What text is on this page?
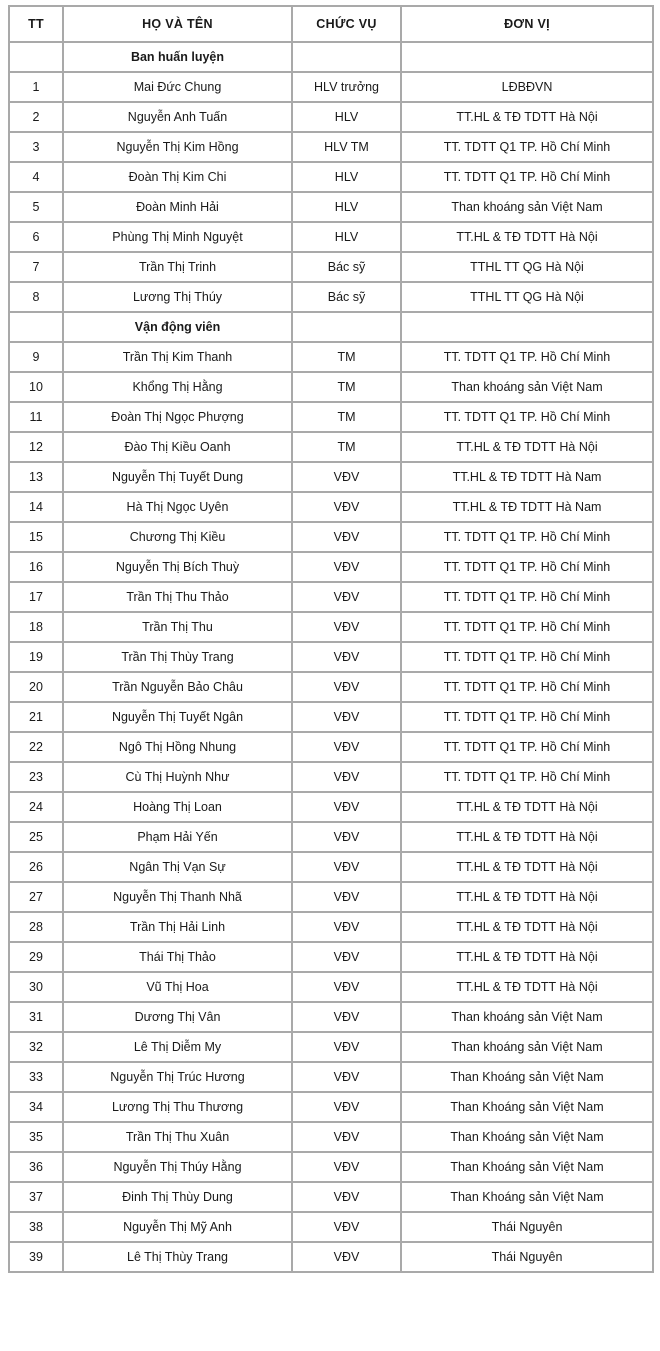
TT	HỌ VÀ TÊN	CHỨC VỤ	ĐƠN VỊ
	Ban huấn luyện		
1	Mai Đức Chung	HLV trưởng	LĐBĐVN
2	Nguyễn Anh Tuấn	HLV	TT.HL & TĐ TDTT Hà Nội
3	Nguyễn Thị Kim Hồng	HLV TM	TT. TDTT Q1 TP. Hồ Chí Minh
4	Đoàn Thị Kim Chi	HLV	TT. TDTT Q1 TP. Hồ Chí Minh
5	Đoàn Minh Hải	HLV	Than khoáng sản Việt Nam
6	Phùng Thị Minh Nguyệt	HLV	TT.HL & TĐ TDTT Hà Nội
7	Trần Thị Trinh	Bác sỹ	TTHL TT QG Hà Nội
8	Lương Thị Thúy	Bác sỹ	TTHL TT QG Hà Nội
	Vận động viên		
9	Trần Thị Kim Thanh	TM	TT. TDTT Q1 TP. Hồ Chí Minh
10	Khổng Thị Hằng	TM	Than khoáng sản Việt Nam
11	Đoàn Thị Ngọc Phượng	TM	TT. TDTT Q1 TP. Hồ Chí Minh
12	Đào Thị Kiều Oanh	TM	TT.HL & TĐ TDTT Hà Nội
13	Nguyễn Thị Tuyết Dung	VĐV	TT.HL & TĐ TDTT Hà Nam
14	Hà Thị Ngọc Uyên	VĐV	TT.HL & TĐ TDTT Hà Nam
15	Chương Thị Kiều	VĐV	TT. TDTT Q1 TP. Hồ Chí Minh
16	Nguyễn Thị Bích Thuỳ	VĐV	TT. TDTT Q1 TP. Hồ Chí Minh
17	Trần Thị Thu Thảo	VĐV	TT. TDTT Q1 TP. Hồ Chí Minh
18	Trần Thị Thu	VĐV	TT. TDTT Q1 TP. Hồ Chí Minh
19	Trần Thị Thùy Trang	VĐV	TT. TDTT Q1 TP. Hồ Chí Minh
20	Trần Nguyễn Bảo Châu	VĐV	TT. TDTT Q1 TP. Hồ Chí Minh
21	Nguyễn Thị Tuyết Ngân	VĐV	TT. TDTT Q1 TP. Hồ Chí Minh
22	Ngô Thị Hồng Nhung	VĐV	TT. TDTT Q1 TP. Hồ Chí Minh
23	Cù Thị Huỳnh Như	VĐV	TT. TDTT Q1 TP. Hồ Chí Minh
24	Hoàng Thị Loan	VĐV	TT.HL & TĐ TDTT Hà Nội
25	Phạm Hải Yến	VĐV	TT.HL & TĐ TDTT Hà Nội
26	Ngân Thị Vạn Sự	VĐV	TT.HL & TĐ TDTT Hà Nội
27	Nguyễn Thị Thanh Nhã	VĐV	TT.HL & TĐ TDTT Hà Nội
28	Trần Thị Hải Linh	VĐV	TT.HL & TĐ TDTT Hà Nội
29	Thái Thị Thảo	VĐV	TT.HL & TĐ TDTT Hà Nội
30	Vũ Thị Hoa	VĐV	TT.HL & TĐ TDTT Hà Nội
31	Dương Thị Vân	VĐV	Than khoáng sản Việt Nam
32	Lê Thị Diễm My	VĐV	Than khoáng sản Việt Nam
33	Nguyễn Thị Trúc Hương	VĐV	Than Khoáng sản Việt Nam
34	Lương Thị Thu Thương	VĐV	Than Khoáng sản Việt Nam
35	Trần Thị Thu Xuân	VĐV	Than Khoáng sản Việt Nam
36	Nguyễn Thị Thúy Hằng	VĐV	Than Khoáng sản Việt Nam
37	Đinh Thị Thùy Dung	VĐV	Than Khoáng sản Việt Nam
38	Nguyễn Thị Mỹ Anh	VĐV	Thái Nguyên
39	Lê Thị Thùy Trang	VĐV	Thái Nguyên
